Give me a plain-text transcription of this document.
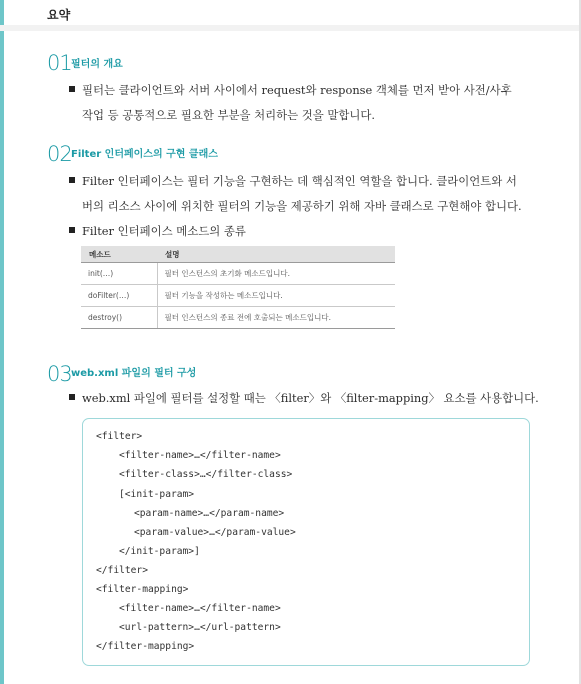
요약
01 필터의 개요
필터는 클라이언트와 서버 사이에서 request와 response 객체를 먼저 받아 사전/사후
작업 등 공통적으로 필요한 부분을 처리하는 것을 말합니다.
02 Filter 인터페이스의 구현 클래스
Filter 인터페이스는 필터 기능을 구현하는 데 핵심적인 역할을 합니다. 클라이언트와 서
버의 리소스 사이에 위치한 필터의 기능을 제공하기 위해 자바 클래스로 구현해야 합니다.
Filter 인터페이스 메소드의 종류
메소드	설명
init(…)	필터 인스턴스의 초기화 메소드입니다.
doFilter(…)	필터 기능을 작성하는 메소드입니다.
destroy()	필터 인스턴스의 종료 전에 호출되는 메소드입니다.
03 web.xml 파일의 필터 구성
web.xml 파일에 필터를 설정할 때는 〈filter〉와 〈filter-mapping〉 요소를 사용합니다.
<filter>
<filter-name>…</filter-name>
<filter-class>…</filter-class>
[<init-param>
<param-name>…</param-name>
<param-value>…</param-value>
</init-param>]
</filter>
<filter-mapping>
<filter-name>…</filter-name>
<url-pattern>…</url-pattern>
</filter-mapping>
